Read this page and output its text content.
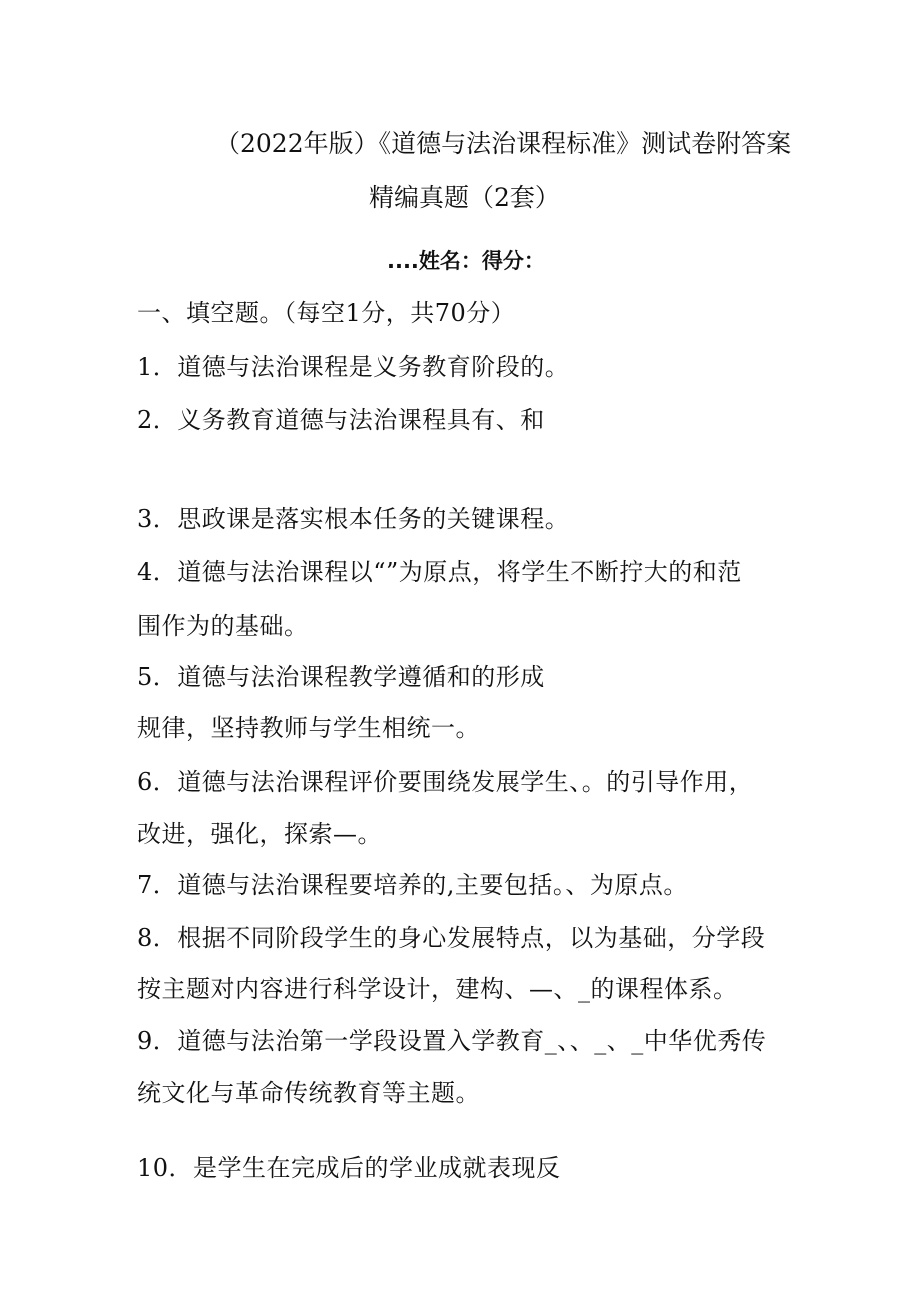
（2022年版）《道德与法治课程标准》测试卷附答案
精编真题（2套）
....姓名：得分：
一、填空题。（每空1分，共70分）
1．道德与法治课程是义务教育阶段的。
2．义务教育道德与法治课程具有、和
3．思政课是落实根本任务的关键课程。
4．道德与法治课程以“”为原点，将学生不断拧大的和范
围作为的基础。
5．道德与法治课程教学遵循和的形成
规律，坚持教师与学生相统一。
6．道德与法治课程评价要围绕发展学生、。的引导作用，
改进，强化，探索—。
7．道德与法治课程要培养的,主要包括。、为原点。
8．根据不同阶段学生的身心发展特点，以为基础，分学段
按主题对内容进行科学设计，建构、—、_的课程体系。
9．道德与法治第一学段设置入学教育_、、_、_中华优秀传
统文化与革命传统教育等主题。
10．是学生在完成后的学业成就表现反
